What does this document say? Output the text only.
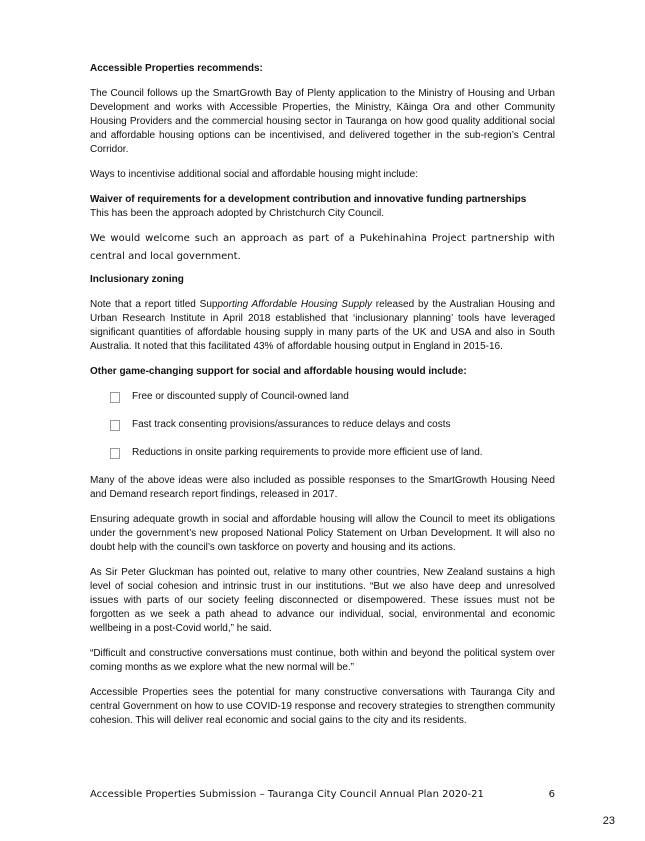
Accessible Properties recommends:

The Council follows up the SmartGrowth Bay of Plenty application to the Ministry of Housing and Urban Development and works with Accessible Properties, the Ministry, Kāinga Ora and other Community Housing Providers and the commercial housing sector in Tauranga on how good quality additional social and affordable housing options can be incentivised, and delivered together in the sub-region’s Central Corridor.

Ways to incentivise additional social and affordable housing might include:

Waiver of requirements for a development contribution and innovative funding partnerships

This has been the approach adopted by Christchurch City Council.

We would welcome such an approach as part of a Pukehinahina Project partnership with central and local government.

Inclusionary zoning

Note that a report titled Supporting Affordable Housing Supply released by the Australian Housing and Urban Research Institute in April 2018 established that ‘inclusionary planning’ tools have leveraged significant quantities of affordable housing supply in many parts of the UK and USA and also in South Australia. It noted that this facilitated 43% of affordable housing output in England in 2015-16.

Other game-changing support for social and affordable housing would include:

Free or discounted supply of Council-owned land
Fast track consenting provisions/assurances to reduce delays and costs
Reductions in onsite parking requirements to provide more efficient use of land.

Many of the above ideas were also included as possible responses to the SmartGrowth Housing Need and Demand research report findings, released in 2017.

Ensuring adequate growth in social and affordable housing will allow the Council to meet its obligations under the government’s new proposed National Policy Statement on Urban Development. It will also no doubt help with the council’s own taskforce on poverty and housing and its actions.

As Sir Peter Gluckman has pointed out, relative to many other countries, New Zealand sustains a high level of social cohesion and intrinsic trust in our institutions. “But we also have deep and unresolved issues with parts of our society feeling disconnected or disempowered. These issues must not be forgotten as we seek a path ahead to advance our individual, social, environmental and economic wellbeing in a post-Covid world,” he said.

“Difficult and constructive conversations must continue, both within and beyond the political system over coming months as we explore what the new normal will be.”

Accessible Properties sees the potential for many constructive conversations with Tauranga City and central Government on how to use COVID-19 response and recovery strategies to strengthen community cohesion. This will deliver real economic and social gains to the city and its residents.

Accessible Properties Submission – Tauranga City Council Annual Plan 2020-21	6
23
